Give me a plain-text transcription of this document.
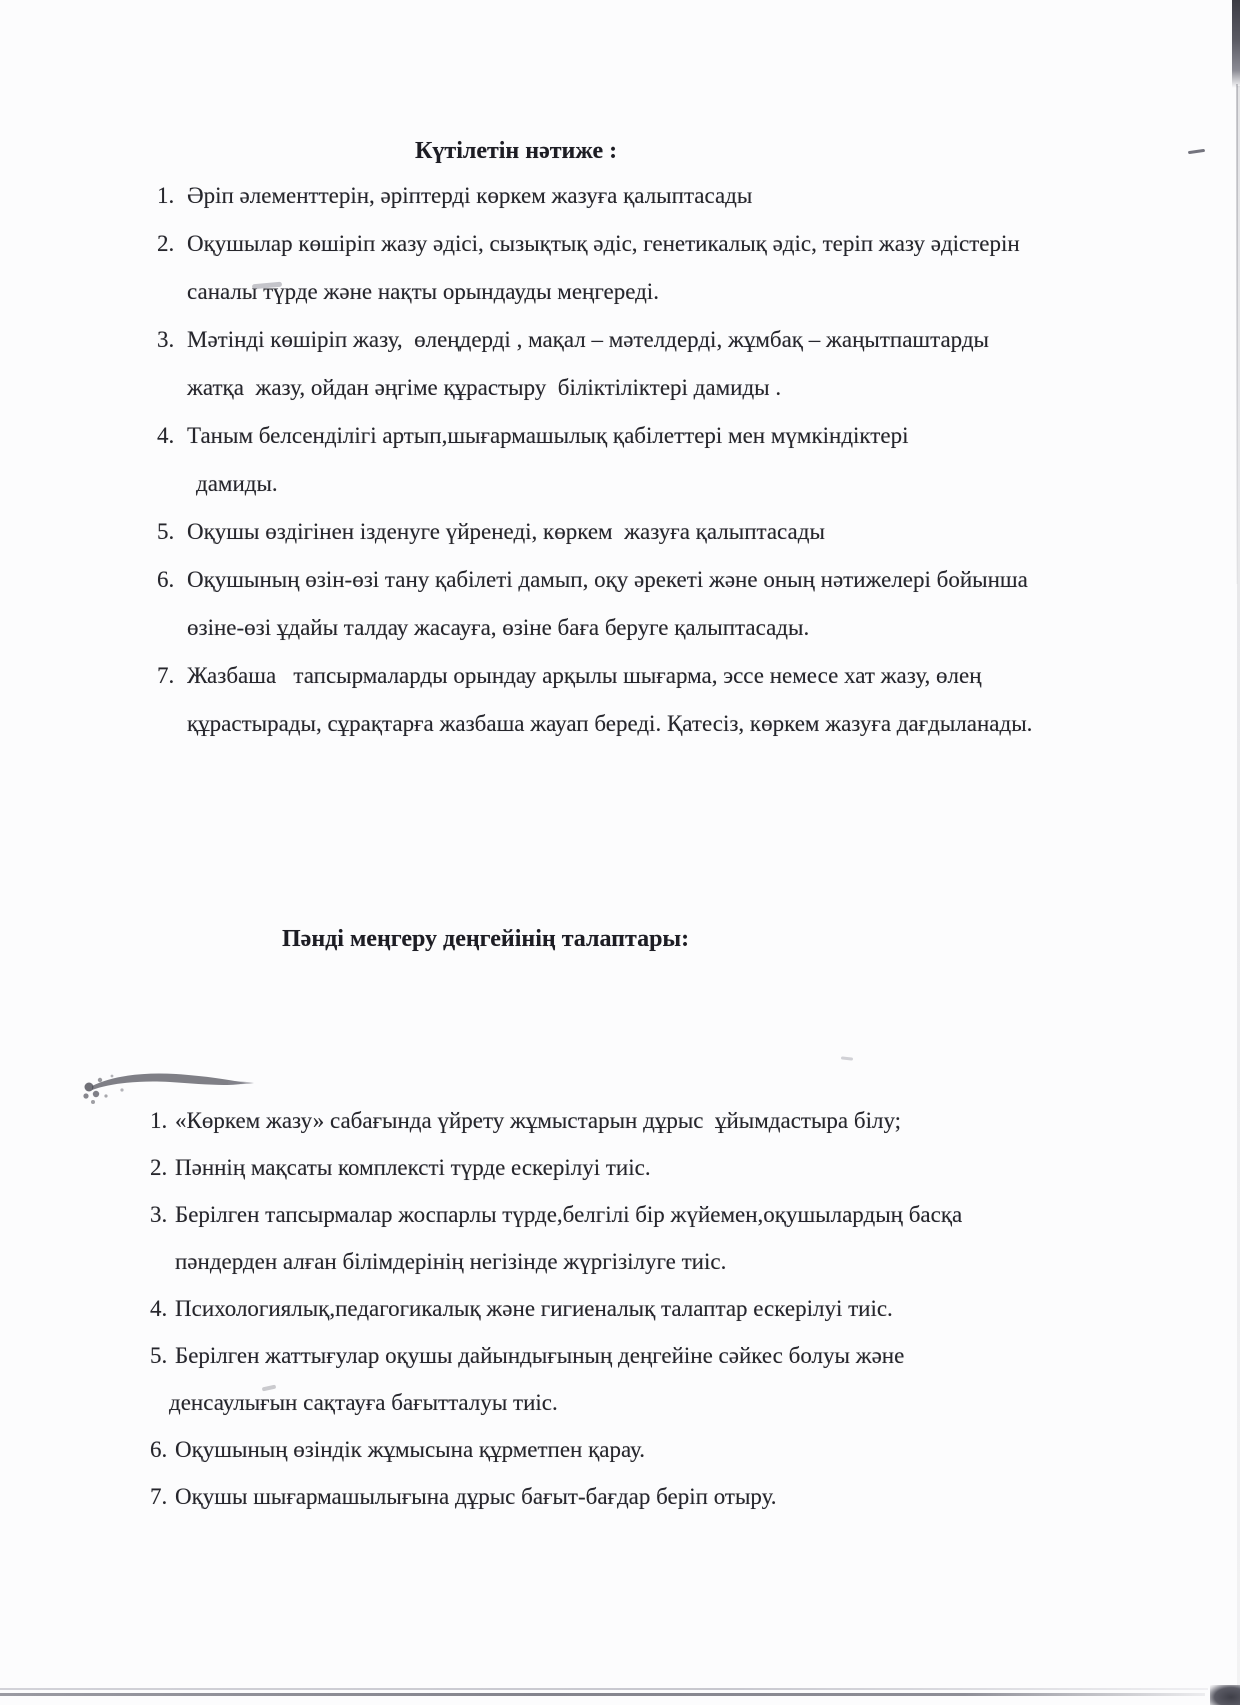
Күтілетін нәтиже :
1. Әріп әлементтерін, әріптерді көркем жазуға қалыптасады
2. Оқушылар көшіріп жазу әдісі, сызықтық әдіс, генетикалық әдіс, теріп жазу әдістерін
саналы түрде және нақты орындауды меңгереді.
3. Мәтінді көшіріп жазу,  өлеңдерді , мақал – мәтелдерді, жұмбақ – жаңытпаштарды
жатқа  жазу, ойдан әңгіме құрастыру  біліктіліктері дамиды .
4. Таным белсенділігі артып,шығармашылық қабілеттері мен мүмкіндіктері
дамиды.
5. Оқушы өздігінен ізденуге үйренеді, көркем  жазуға қалыптасады
6. Оқушының өзін-өзі тану қабілеті дамып, оқу әрекеті және оның нәтижелері бойынша
өзіне-өзі ұдайы талдау жасауға, өзіне баға беруге қалыптасады.
7. Жазбаша   тапсырмаларды орындау арқылы шығарма, эссе немесе хат жазу, өлең
құрастырады, сұрақтарға жазбаша жауап береді. Қатесіз, көркем жазуға дағдыланады.
Пәнді меңгеру деңгейінің талаптары:
1. «Көркем жазу» сабағында үйрету жұмыстарын дұрыс  ұйымдастыра білу;
2. Пәннің мақсаты комплексті түрде ескерілуі тиіс.
3. Берілген тапсырмалар жоспарлы түрде,белгілі бір жүйемен,оқушылардың басқа
пәндерден алған білімдерінің негізінде жүргізілуге тиіс.
4. Психологиялық,педагогикалық және гигиеналық талаптар ескерілуі тиіс.
5. Берілген жаттығулар оқушы дайындығының деңгейіне сәйкес болуы және
денсаулығын сақтауға бағытталуы тиіс.
6. Оқушының өзіндік жұмысына құрметпен қарау.
7. Оқушы шығармашылығына дұрыс бағыт-бағдар беріп отыру.
